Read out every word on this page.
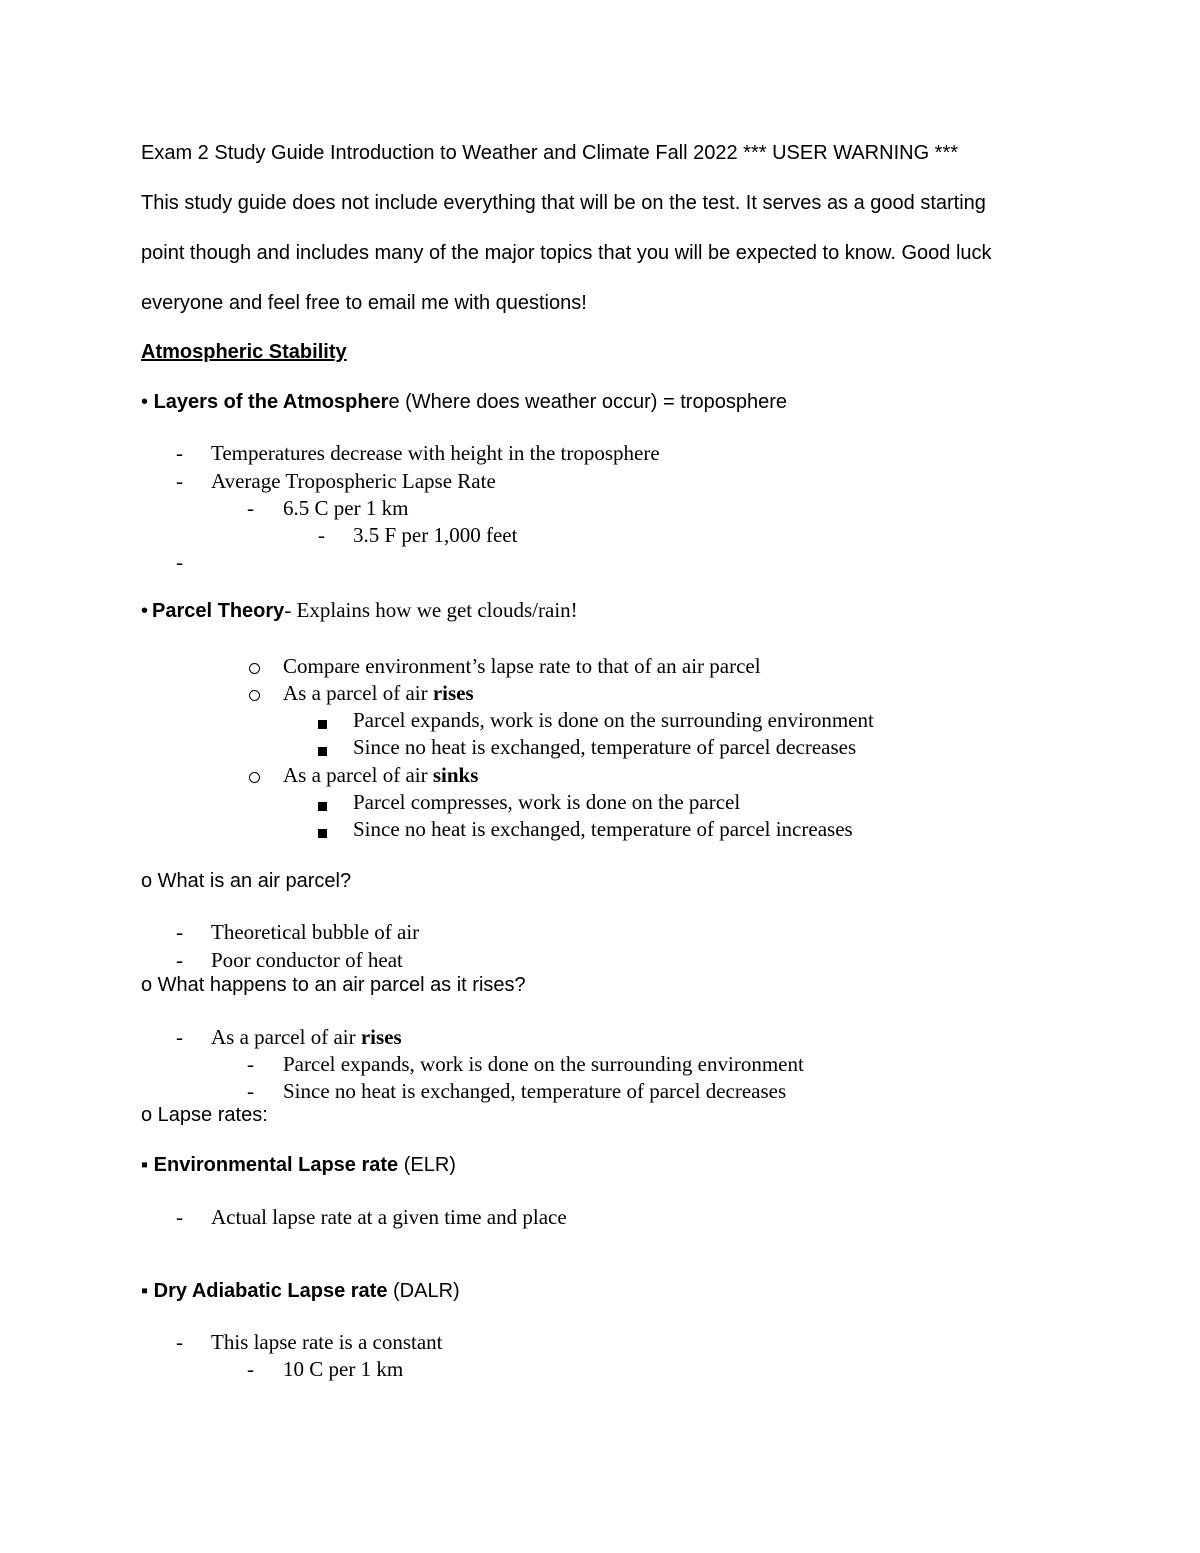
Exam 2 Study Guide Introduction to Weather and Climate Fall 2022 *** USER WARNING ***
This study guide does not include everything that will be on the test. It serves as a good starting
point though and includes many of the major topics that you will be expected to know. Good luck
everyone and feel free to email me with questions!
Atmospheric Stability
• Layers of the Atmosphere (Where does weather occur) = troposphere
- Temperatures decrease with height in the troposphere
- Average Tropospheric Lapse Rate
- 6.5 C per 1 km
- 3.5 F per 1,000 feet
-
• Parcel Theory- Explains how we get clouds/rain!
Compare environment’s lapse rate to that of an air parcel
As a parcel of air rises
Parcel expands, work is done on the surrounding environment
Since no heat is exchanged, temperature of parcel decreases
As a parcel of air sinks
Parcel compresses, work is done on the parcel
Since no heat is exchanged, temperature of parcel increases
o What is an air parcel?
- Theoretical bubble of air
- Poor conductor of heat
o What happens to an air parcel as it rises?
- As a parcel of air rises
- Parcel expands, work is done on the surrounding environment
- Since no heat is exchanged, temperature of parcel decreases
o Lapse rates:
▪ Environmental Lapse rate (ELR)
- Actual lapse rate at a given time and place
▪ Dry Adiabatic Lapse rate (DALR)
- This lapse rate is a constant
- 10 C per 1 km
